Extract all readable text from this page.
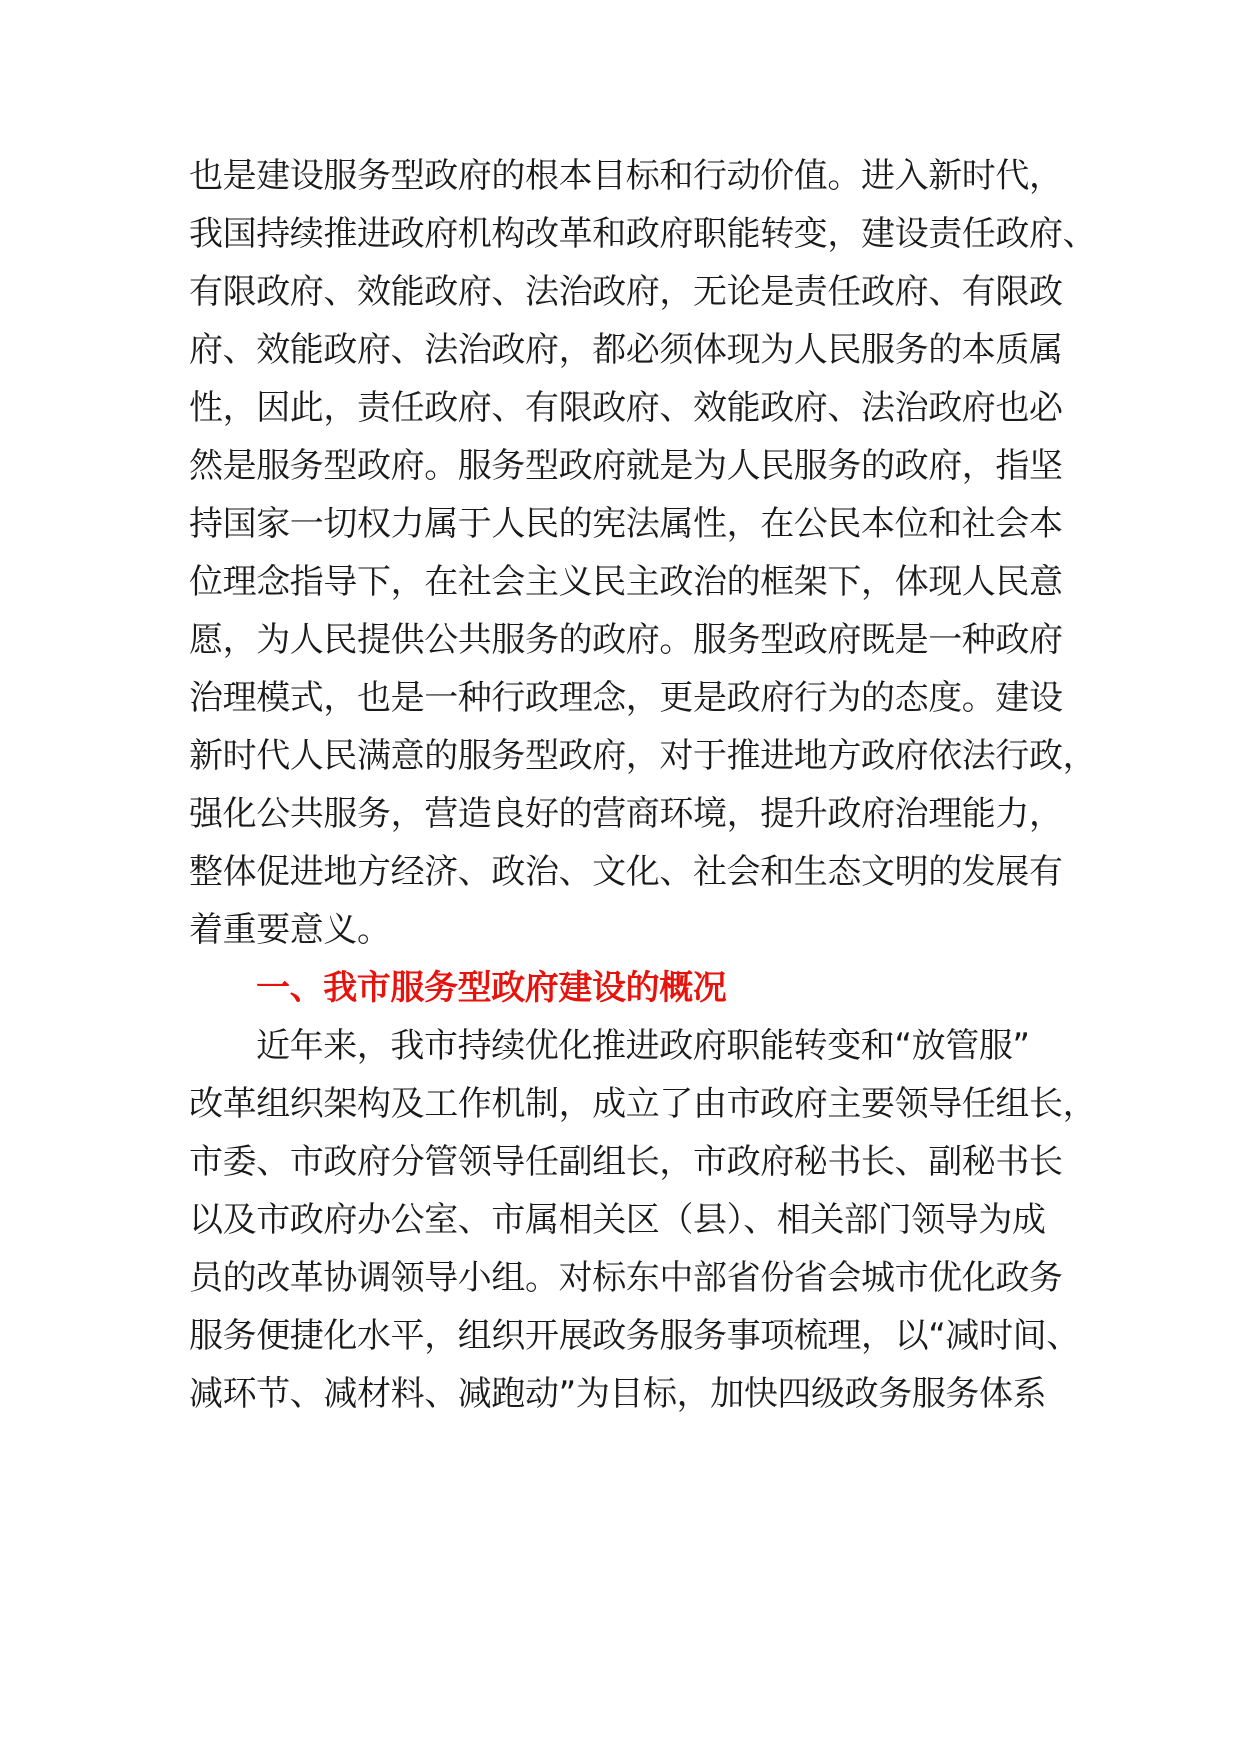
也是建设服务型政府的根本目标和行动价值。进入新时代，
我国持续推进政府机构改革和政府职能转变，建设责任政府、
有限政府、效能政府、法治政府，无论是责任政府、有限政
府、效能政府、法治政府，都必须体现为人民服务的本质属
性，因此，责任政府、有限政府、效能政府、法治政府也必
然是服务型政府。服务型政府就是为人民服务的政府，指坚
持国家一切权力属于人民的宪法属性，在公民本位和社会本
位理念指导下，在社会主义民主政治的框架下，体现人民意
愿，为人民提供公共服务的政府。服务型政府既是一种政府
治理模式，也是一种行政理念，更是政府行为的态度。建设
新时代人民满意的服务型政府，对于推进地方政府依法行政，
强化公共服务，营造良好的营商环境，提升政府治理能力，
整体促进地方经济、政治、文化、社会和生态文明的发展有
着重要意义。
一、我市服务型政府建设的概况
近年来，我市持续优化推进政府职能转变和“放管服”
改革组织架构及工作机制，成立了由市政府主要领导任组长，
市委、市政府分管领导任副组长，市政府秘书长、副秘书长
以及市政府办公室、市属相关区（县）、相关部门领导为成
员的改革协调领导小组。对标东中部省份省会城市优化政务
服务便捷化水平，组织开展政务服务事项梳理，以“减时间、
减环节、减材料、减跑动”为目标，加快四级政务服务体系
